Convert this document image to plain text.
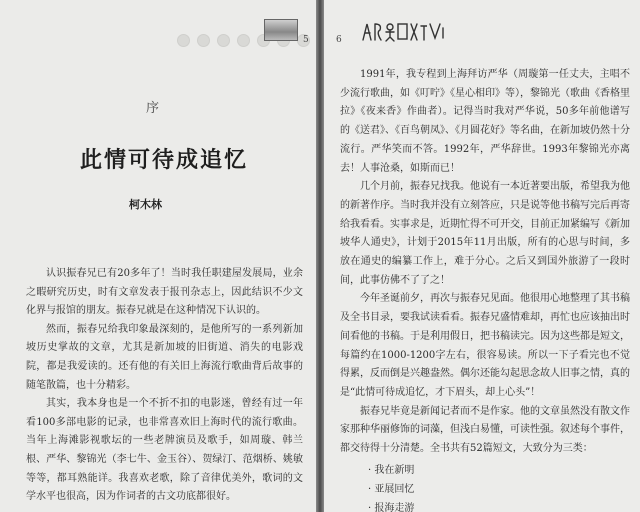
5
序
此情可待成追忆
柯木林

认识振春兄已有20多年了！当时我任职建屋发展局，业余之暇研究历史，时有文章发表于报刊杂志上，因此结识不少文化界与报馆的朋友。振春兄就是在这种情况下认识的。

然而，振春兄给我印象最深刻的，是他所写的一系列新加坡历史掌故的文章，尤其是新加坡的旧街道、消失的电影戏院，都是我爱读的。还有他的有关旧上海流行歌曲背后故事的随笔散篇，也十分精彩。

其实，我本身也是一个不折不扣的电影迷，曾经有过一年看100多部电影的记录，也非常喜欢旧上海时代的流行歌曲。当年上海滩影视歌坛的一些老牌演员及歌手，如周璇、韩兰根、严华、黎锦光（李七牛、金玉谷）、贺绿汀、范烟桥、姚敏等等，都耳熟能详。我喜欢老歌，除了音律优美外，歌词的文学水平也很高，因为作词者的古文功底都很好。

6

1991年，我专程到上海拜访严华（周璇第一任丈夫，主唱不少流行歌曲，如《叮咛》《星心相印》等），黎锦光（歌曲《香格里拉》《夜来香》作曲者）。记得当时我对严华说，50多年前他谱写的《送君》、《百鸟朝凤》、《月圆花好》等名曲，在新加坡仍然十分流行。严华笑而不答。1992年，严华辞世。1993年黎锦光亦离去！人事沧桑，如斯而已！

几个月前，振春兄找我。他说有一本近著要出版，希望我为他的新著作序。当时我并没有立刻答应，只是说等他书稿写完后再寄给我看看。实事求是，近期忙得不可开交，目前正加紧编写《新加坡华人通史》，计划于2015年11月出版，所有的心思与时间，多放在通史的编纂工作上，难于分心。之后又到国外旅游了一段时间，此事仿佛不了了之！

今年圣诞前夕，再次与振春兄见面。他很用心地整理了其书稿及全书目录，要我试读看看。振春兄盛情难却，再忙也应该抽出时间看他的书稿。于是利用假日，把书稿读完。因为这些都是短文，每篇约在1000-1200字左右，很容易读。所以一下子看完也不觉得累，反而倒是兴趣盎然。偶尔还能勾起思念故人旧事之情，真的是“此情可待成追忆，才下眉头，却上心头”！

振春兄毕竟是新闻记者而不是作家。他的文章虽然没有散文作家那种华丽修饰的词藻，但浅白易懂，可读性强。叙述每个事件，都交待得十分清楚。全书共有52篇短文，大致分为三类：

· 我在新明
· 亚展回忆
· 报海走游
